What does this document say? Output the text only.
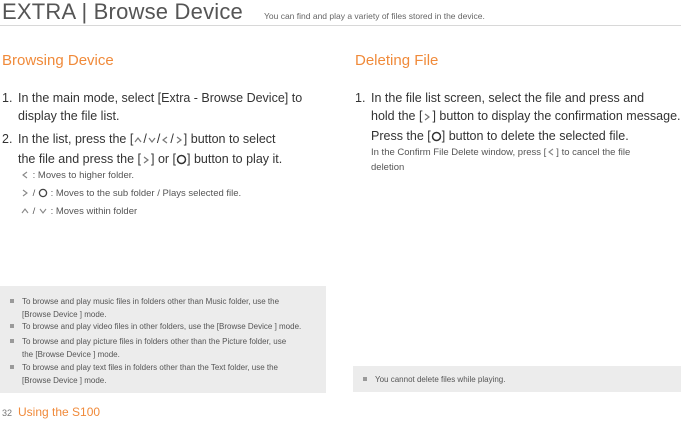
EXTRA | Browse Device You can find and play a variety of files stored in the device.
Browsing Device
1. In the main mode, select [Extra - Browse Device] to
display the file list.
2. In the list, press the [ / / / ] button to select
the file and press the [ ] or [ ] button to play it.
: Moves to higher folder.
/ : Moves to the sub folder / Plays selected file.
/ : Moves within folder
To browse and play music files in folders other than Music folder, use the
[Browse Device ] mode.
To browse and play video files in other folders, use the [Browse Device ] mode.
To browse and play picture files in folders other than the Picture folder, use
the [Browse Device ] mode.
To browse and play text files in folders other than the Text folder, use the
[Browse Device ] mode.
Deleting File
1. In the file list screen, select the file and press and
hold the [ ] button to display the confirmation message.
Press the [ ] button to delete the selected file.
In the Confirm File Delete window, press [ ] to cancel the file
deletion
You cannot delete files while playing.
32 Using the S100
